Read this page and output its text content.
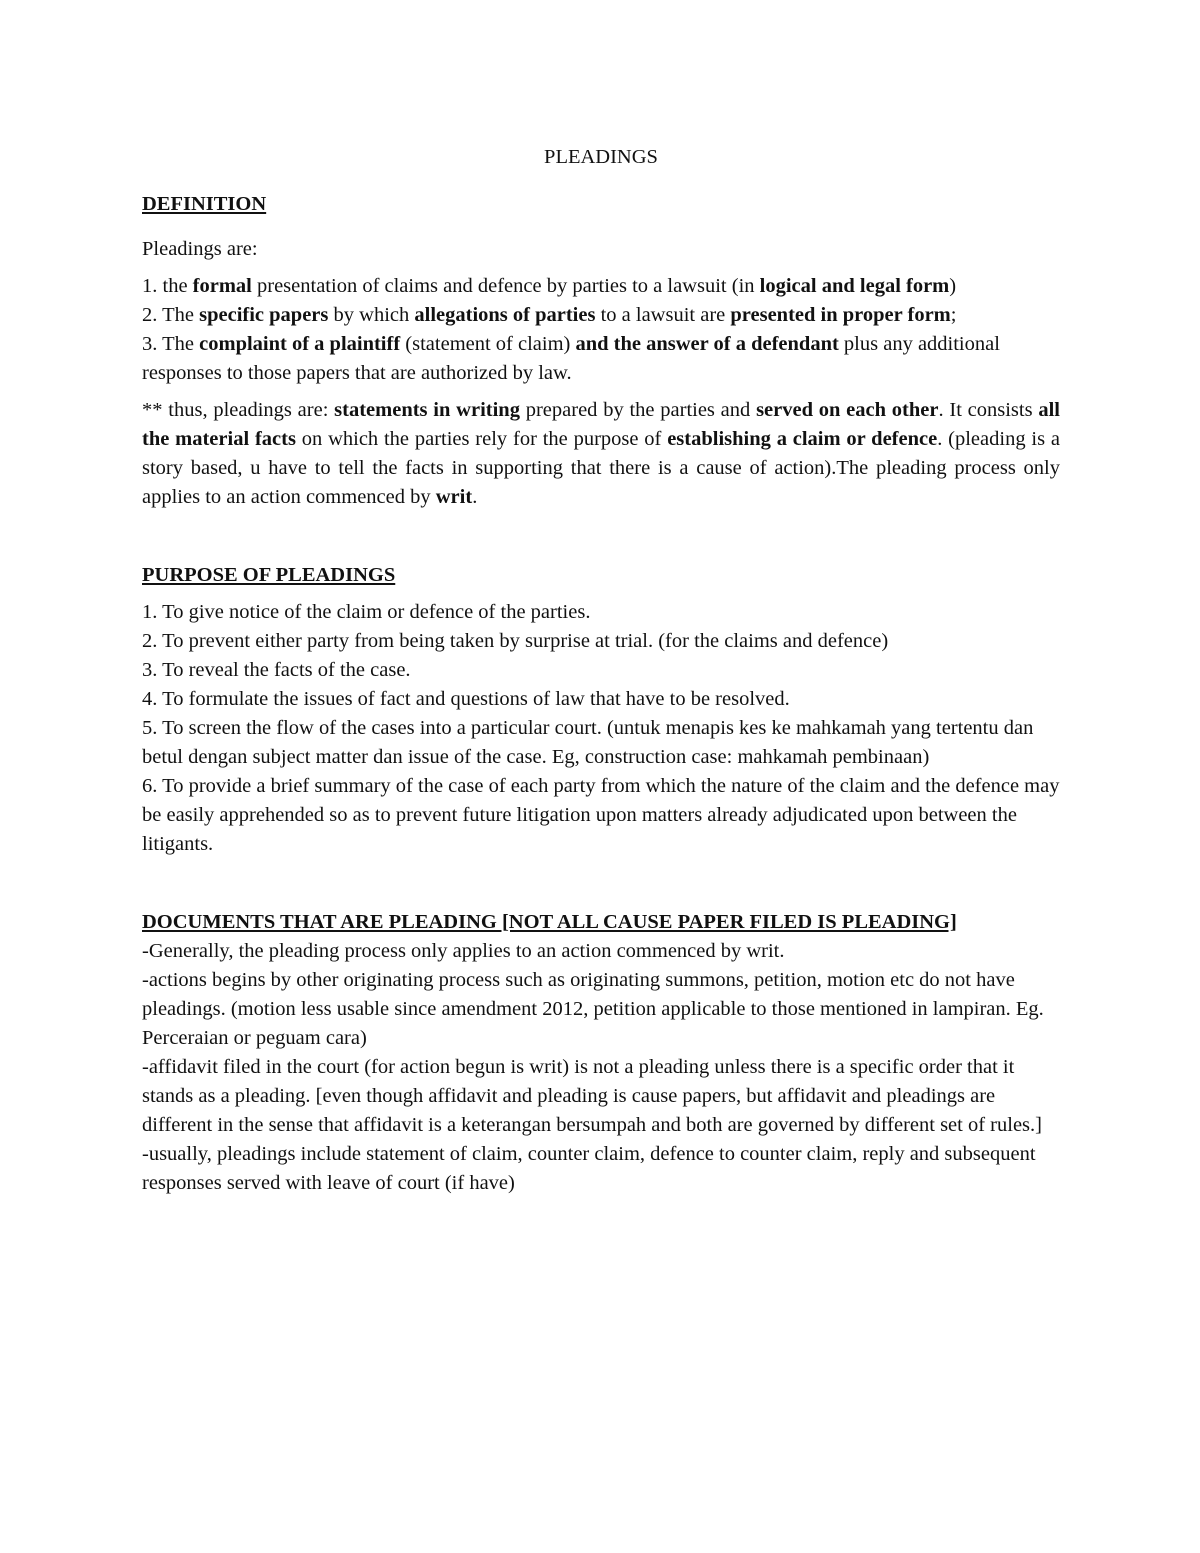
PLEADINGS

DEFINITION

Pleadings are:

1. the formal presentation of claims and defence by parties to a lawsuit (in logical and legal form)

2. The specific papers by which allegations of parties to a lawsuit are presented in proper form;

3. The complaint of a plaintiff (statement of claim) and the answer of a defendant plus any additional responses to those papers that are authorized by law.

** thus, pleadings are: statements in writing prepared by the parties and served on each other. It consists all the material facts on which the parties rely for the purpose of establishing a claim or defence. (pleading is a story based, u have to tell the facts in supporting that there is a cause of action).The pleading process only applies to an action commenced by writ.

PURPOSE OF PLEADINGS

1. To give notice of the claim or defence of the parties.

2. To prevent either party from being taken by surprise at trial. (for the claims and defence)

3. To reveal the facts of the case.

4. To formulate the issues of fact and questions of law that have to be resolved.

5. To screen the flow of the cases into a particular court. (untuk menapis kes ke mahkamah yang tertentu dan betul dengan subject matter dan issue of the case. Eg, construction case: mahkamah pembinaan)

6. To provide a brief summary of the case of each party from which the nature of the claim and the defence may be easily apprehended so as to prevent future litigation upon matters already adjudicated upon between the litigants.

DOCUMENTS THAT ARE PLEADING [NOT ALL CAUSE PAPER FILED IS PLEADING]

-Generally, the pleading process only applies to an action commenced by writ.

-actions begins by other originating process such as originating summons, petition, motion etc do not have pleadings. (motion less usable since amendment 2012, petition applicable to those mentioned in lampiran. Eg. Perceraian or peguam cara)

-affidavit filed in the court (for action begun is writ) is not a pleading unless there is a specific order that it stands as a pleading. [even though affidavit and pleading is cause papers, but affidavit and pleadings are different in the sense that affidavit is a keterangan bersumpah and both are governed by different set of rules.]

-usually, pleadings include statement of claim, counter claim, defence to counter claim, reply and subsequent responses served with leave of court (if have)
